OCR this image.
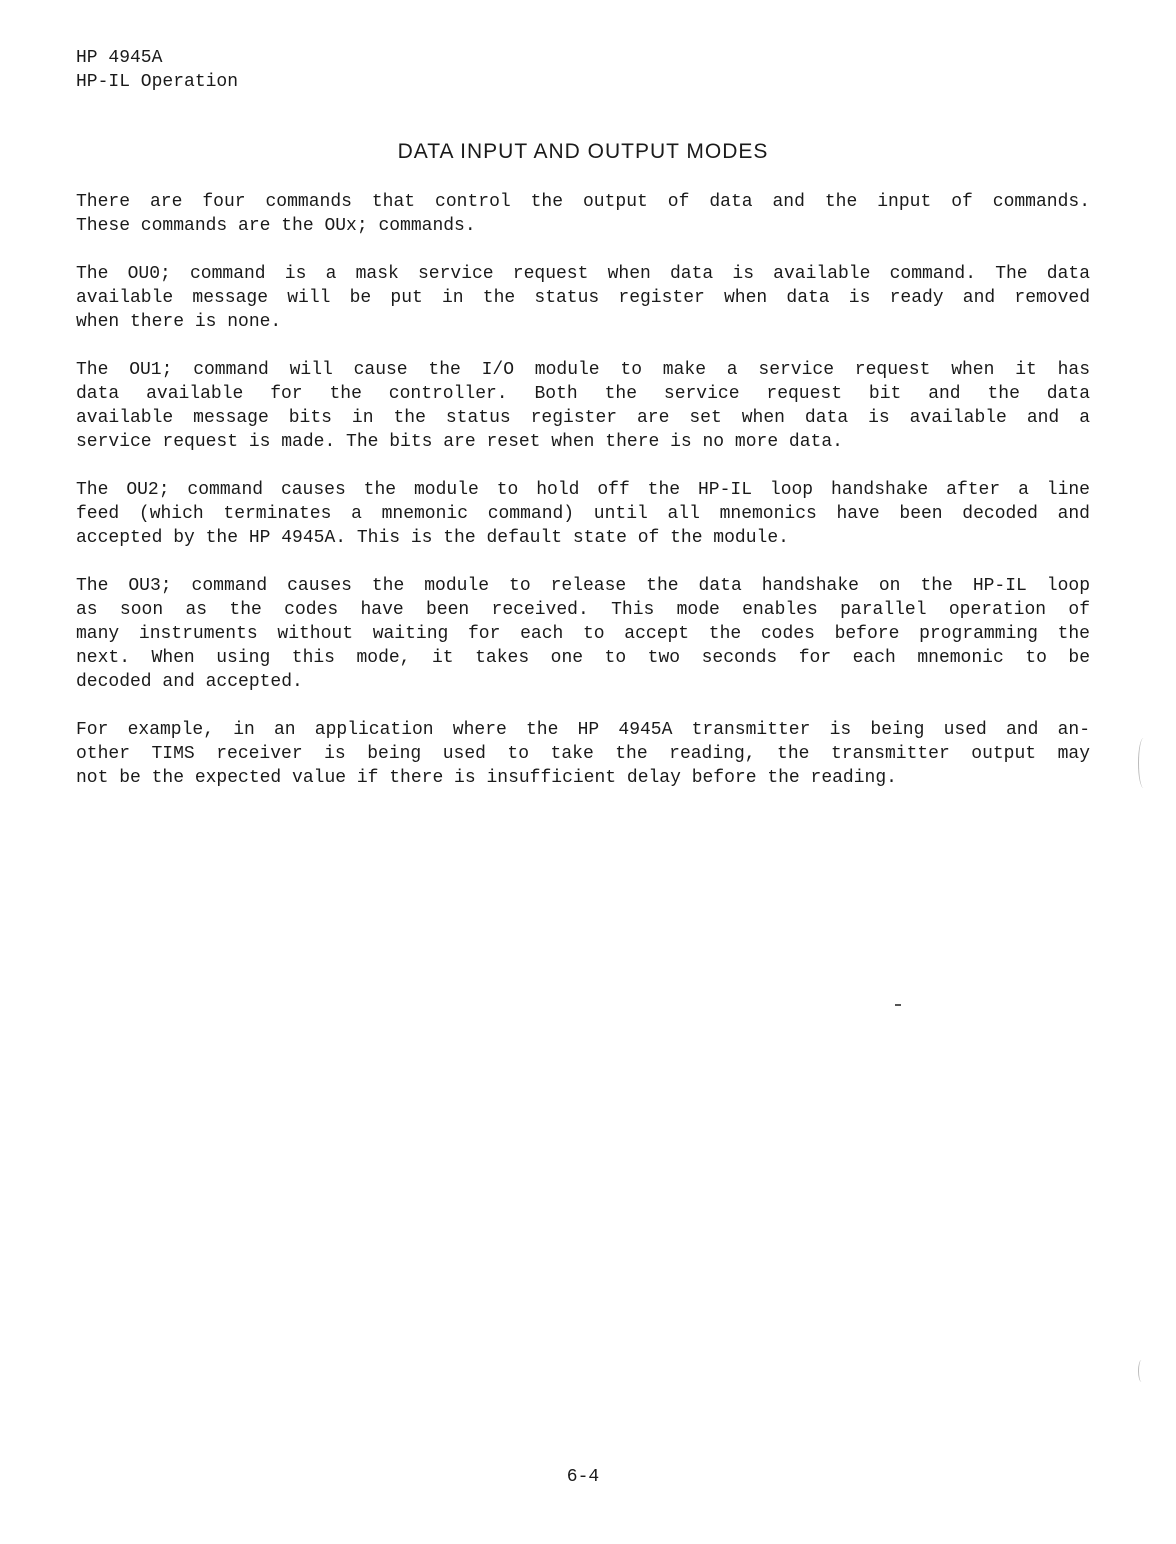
HP 4945A
HP-IL Operation
DATA INPUT AND OUTPUT MODES
There are four commands that control the output of data and the input of commands.
These commands are the OUx; commands.
The OU0; command is a mask service request when data is available command. The data
available message will be put in the status register when data is ready and removed
when there is none.
The OU1; command will cause the I/O module to make a service request when it has
data available for the controller. Both the service request bit and the data
available message bits in the status register are set when data is available and a
service request is made. The bits are reset when there is no more data.
The OU2; command causes the module to hold off the HP-IL loop handshake after a line
feed (which terminates a mnemonic command) until all mnemonics have been decoded and
accepted by the HP 4945A. This is the default state of the module.
The OU3; command causes the module to release the data handshake on the HP-IL loop
as soon as the codes have been received. This mode enables parallel operation of
many instruments without waiting for each to accept the codes before programming the
next. When using this mode, it takes one to two seconds for each mnemonic to be
decoded and accepted.
For example, in an application where the HP 4945A transmitter is being used and an-
other TIMS receiver is being used to take the reading, the transmitter output may
not be the expected value if there is insufficient delay before the reading.
6-4
